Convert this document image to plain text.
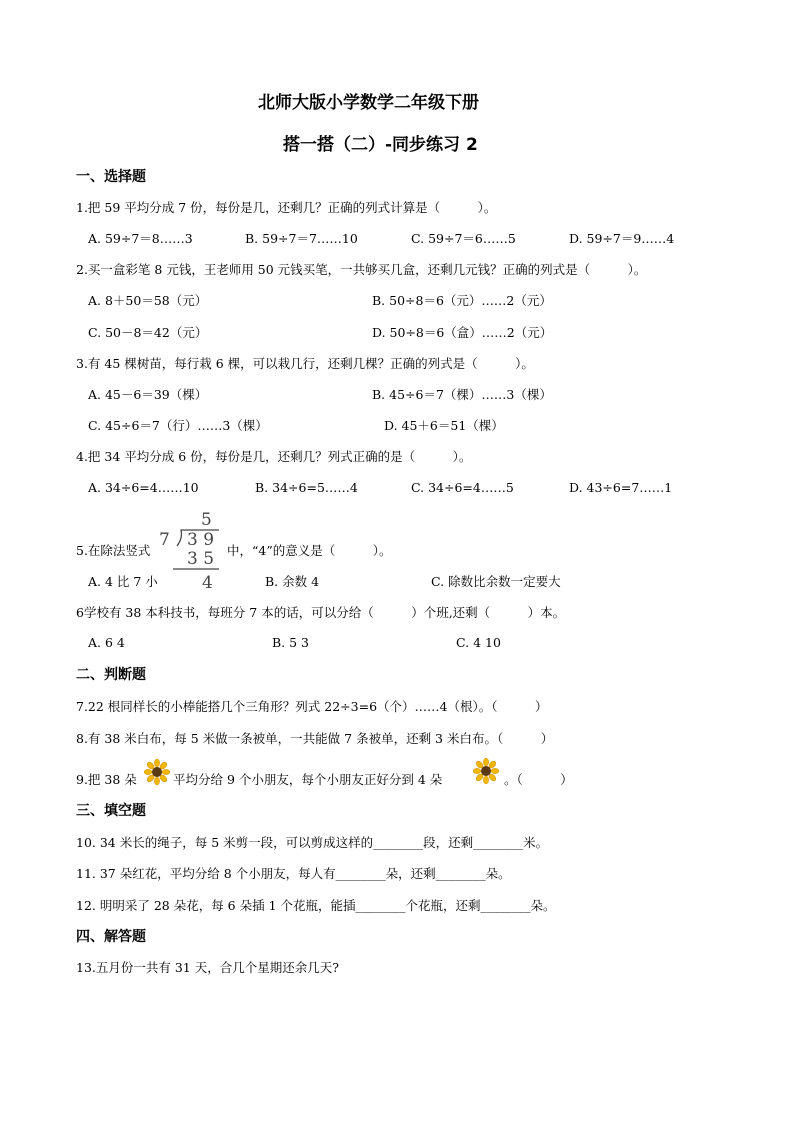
北师大版小学数学二年级下册
搭一搭（二）-同步练习 2
一、选择题
1.把 59 平均分成 7 份，每份是几，还剩几？正确的列式计算是（　　　）。
A. 59÷7＝8……3	B. 59÷7＝7……10	C. 59÷7＝6……5	D. 59÷7＝9……4
2.买一盒彩笔 8 元钱，王老师用 50 元钱买笔，一共够买几盒，还剩几元钱？正确的列式是（　　　）。
A. 8＋50＝58（元）	B. 50÷8＝6（元）……2（元）
C. 50－8＝42（元）	D. 50÷8＝6（盒）……2（元）
3.有 45 棵树苗，每行栽 6 棵，可以栽几行，还剩几棵？正确的列式是（　　　）。
A. 45－6＝39（棵）	B. 45÷6＝7（棵）……3（棵）
C. 45÷6＝7（行）……3（棵）	D. 45＋6＝51（棵）
4.把 34 平均分成 6 份，每份是几，还剩几？列式正确的是（　　　）。
A. 34÷6=4……10	B. 34÷6=5……4	C. 34÷6=4……5	D. 43÷6=7……1
5.在除法竖式
5
7 3 9
3 5
4
中，“4”的意义是（　　　）。
A. 4 比 7 小	B. 余数 4	C. 除数比余数一定要大
6学校有 38 本科技书，每班分 7 本的话，可以分给（　　　）个班,还剩（　　　）本。
A. 6 4	B. 5 3	C. 4 10
二、判断题
7.22 根同样长的小棒能搭几个三角形？列式 22÷3=6（个）……4（根）。（　　　）
8.有 38 米白布，每 5 米做一条被单，一共能做 7 条被单，还剩 3 米白布。（　　　）
9.把 38 朵	平均分给 9 个小朋友，每个小朋友正好分到 4 朵	。（　　　）
三、填空题
10. 34 米长的绳子，每 5 米剪一段，可以剪成这样的________段，还剩________米。
11. 37 朵红花，平均分给 8 个小朋友，每人有________朵，还剩________朵。
12. 明明采了 28 朵花，每 6 朵插 1 个花瓶，能插________个花瓶，还剩________朵。
四、解答题
13.五月份一共有 31 天，合几个星期还余几天?
